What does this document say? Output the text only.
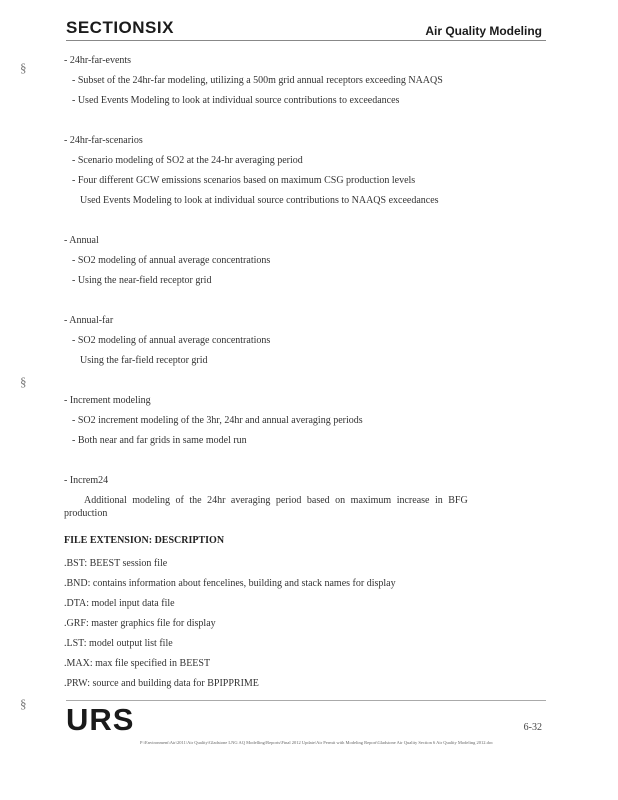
SECTIONSIX	Air Quality Modeling
§
§
§
- 24hr-far-events
- Subset of the 24hr-far modeling, utilizing a 500m grid annual receptors exceeding NAAQS
- Used Events Modeling to look at individual source contributions to exceedances
- 24hr-far-scenarios
- Scenario modeling of SO2 at the 24-hr averaging period
- Four different GCW emissions scenarios based on maximum CSG production levels
Used Events Modeling to look at individual source contributions to NAAQS exceedances
- Annual
- SO2 modeling of annual average concentrations
- Using the near-field receptor grid
- Annual-far
- SO2 modeling of annual average concentrations
Using the far-field receptor grid
- Increment modeling
- SO2 increment modeling of the 3hr, 24hr and annual averaging periods
- Both near and far grids in same model run
- Increm24
Additional modeling of the 24hr averaging period based on maximum increase in BFG
production
FILE EXTENSION: DESCRIPTION
.BST: BEEST session file
.BND: contains information about fencelines, building and stack names for display
.DTA: model input data file
.GRF: master graphics file for display
.LST: model output list file
.MAX: max file specified in BEEST
.PRW: source and building data for BPIPPRIME
URS	6-32
P:\Environment\Air\2011\Air Quality\Gladstone LNG AQ Modelling\Reports\Final 2012 Update\Air Permit with Modeling Report\Gladstone Air Quality Section 6 Air Quality Modeling 2012.doc
